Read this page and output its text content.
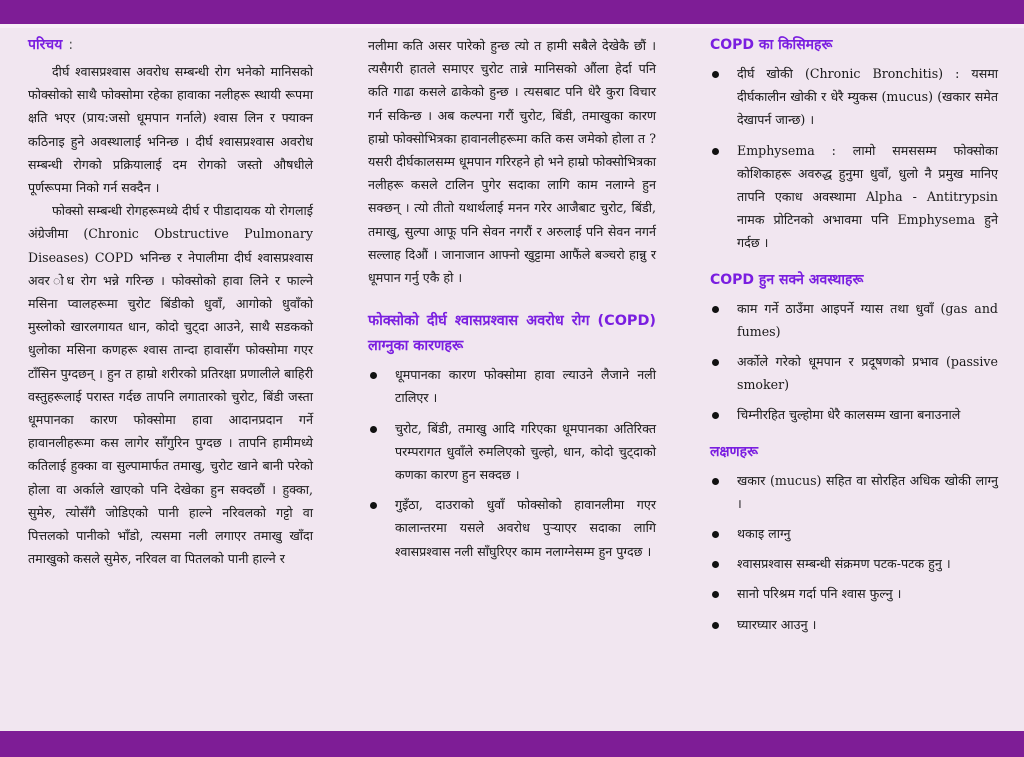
परिचय :

दीर्घ श्वासप्रश्वास अवरोध सम्बन्धी रोग भनेको मानिसको फोक्सोको साथै फोक्सोमा रहेका हावाका नलीहरू स्थायी रूपमा क्षति भएर (प्राय:जसो धूमपान गर्नाले) श्वास लिन र फ्याक्न कठिनाइ हुने अवस्थालाई भनिन्छ । दीर्घ श्वासप्रश्वास अवरोध सम्बन्धी रोगको प्रक्रियालाई दम रोगको जस्तो औषधीले पूर्णरूपमा निको गर्न सक्दैन ।

फोक्सो सम्बन्धी रोगहरूमध्ये दीर्घ र पीडादायक यो रोगलाई अंग्रेजीमा (Chronic Obstructive Pulmonary Diseases) COPD भनिन्छ र नेपालीमा दीर्घ श्वासप्रश्वास अवर ोध रोग भन्ने गरिन्छ । फोक्सोको हावा लिने र फाल्ने मसिना प्वालहरूमा चुरोट बिंडीको धुवाँ, आगोको धुवाँको मुस्लोको खारलगायत धान, कोदो चुट्दा आउने, साथै सडकको धुलोका मसिना कणहरू श्वास तान्दा हावासँग फोक्सोमा गएर टाँसिन पुग्दछन् । हुन त हाम्रो शरीरको प्रतिरक्षा प्रणालीले बाहिरी वस्तुहरूलाई परास्त गर्दछ तापनि लगातारको चुरोट, बिंडी जस्ता धूमपानका कारण फोक्सोमा हावा आदानप्रदान गर्ने हावानलीहरूमा कस लागेर साँगुरिन पुग्दछ । तापनि हामीमध्ये कतिलाई हुक्का वा सुल्पामार्फत तमाखु, चुरोट खाने बानी परेको होला वा अर्काले खाएको पनि देखेका हुन सक्दछौं । हुक्का, सुमेरु, त्योसँगै जोडिएको पानी हाल्ने नरिवलको गट्टो वा पित्तलको पानीको भाँडो, त्यसमा नली लगाएर तमाखु खाँदा तमाखुको कसले सुमेरु, नरिवल वा पितलको पानी हाल्ने र

नलीमा कति असर पारेको हुन्छ त्यो त हामी सबैले देखेकै छौं । त्यसैगरी हातले समाएर चुरोट तान्ने मानिसको औंला हेर्दा पनि कति गाढा कसले ढाकेको हुन्छ । त्यसबाट पनि धेरै कुरा विचार गर्न सकिन्छ । अब कल्पना गरौं चुरोट, बिंडी, तमाखुका कारण हाम्रो फोक्सोभित्रका हावानलीहरूमा कति कस जमेको होला त ? यसरी दीर्घकालसम्म धूमपान गरिरहने हो भने हाम्रो फोक्सोभित्रका नलीहरू कसले टालिन पुगेर सदाका लागि काम नलाग्ने हुन सक्छन् । त्यो तीतो यथार्थलाई मनन गरेर आजैबाट चुरोट, बिंडी, तमाखु, सुल्पा आफू पनि सेवन नगरौं र अरुलाई पनि सेवन नगर्न सल्लाह दिऔं । जानाजान आफ्नो खुट्टामा आफैंले बञ्चरो हान्नु र धूमपान गर्नु एकै हो ।

फोक्सोको दीर्घ श्वासप्रश्वास अवरोध रोग (COPD) लाग्नुका कारणहरू
धूमपानका कारण फोक्सोमा हावा ल्याउने लैजाने नली टालिएर ।
चुरोट, बिंडी, तमाखु आदि गरिएका धूमपानका अतिरिक्त परम्परागत धुवाँले रुमलिएको चुल्हो, धान, कोदो चुट्दाको कणका कारण हुन सक्दछ ।
गुइँठा, दाउराको धुवाँ फोक्सोको हावानलीमा गएर कालान्तरमा यसले अवरोध पुऱ्याएर सदाका लागि श्वासप्रश्वास नली साँघुरिएर काम नलाग्नेसम्म हुन पुग्दछ ।
COPD का किसिमहरू
दीर्घ खोकी (Chronic Bronchitis) : यसमा दीर्घकालीन खोकी र धेरै म्युकस (mucus) (खकार समेत देखापर्न जान्छ) ।
Emphysema : लामो समससम्म फोक्सोका कोशिकाहरू अवरुद्ध हुनुमा धुवाँ, धुलो नै प्रमुख मानिए तापनि एकाध अवस्थामा Alpha - Antitrypsin नामक प्रोटिनको अभावमा पनि Emphysema हुने गर्दछ ।
COPD हुन सक्ने अवस्थाहरू
काम गर्ने ठाउँमा आइपर्ने ग्यास तथा धुवाँ (gas and fumes)
अर्कोले गरेको धूमपान र प्रदूषणको प्रभाव (passive smoker)
चिम्नीरहित चुल्होमा धेरै कालसम्म खाना बनाउनाले
लक्षणहरू
खकार (mucus) सहित वा सोरहित अधिक खोकी लाग्नु ।
थकाइ लाग्नु
श्वासप्रश्वास सम्बन्धी संक्रमण पटक-पटक हुनु ।
सानो परिश्रम गर्दा पनि श्वास फुल्नु ।
घ्यारघ्यार आउनु ।
